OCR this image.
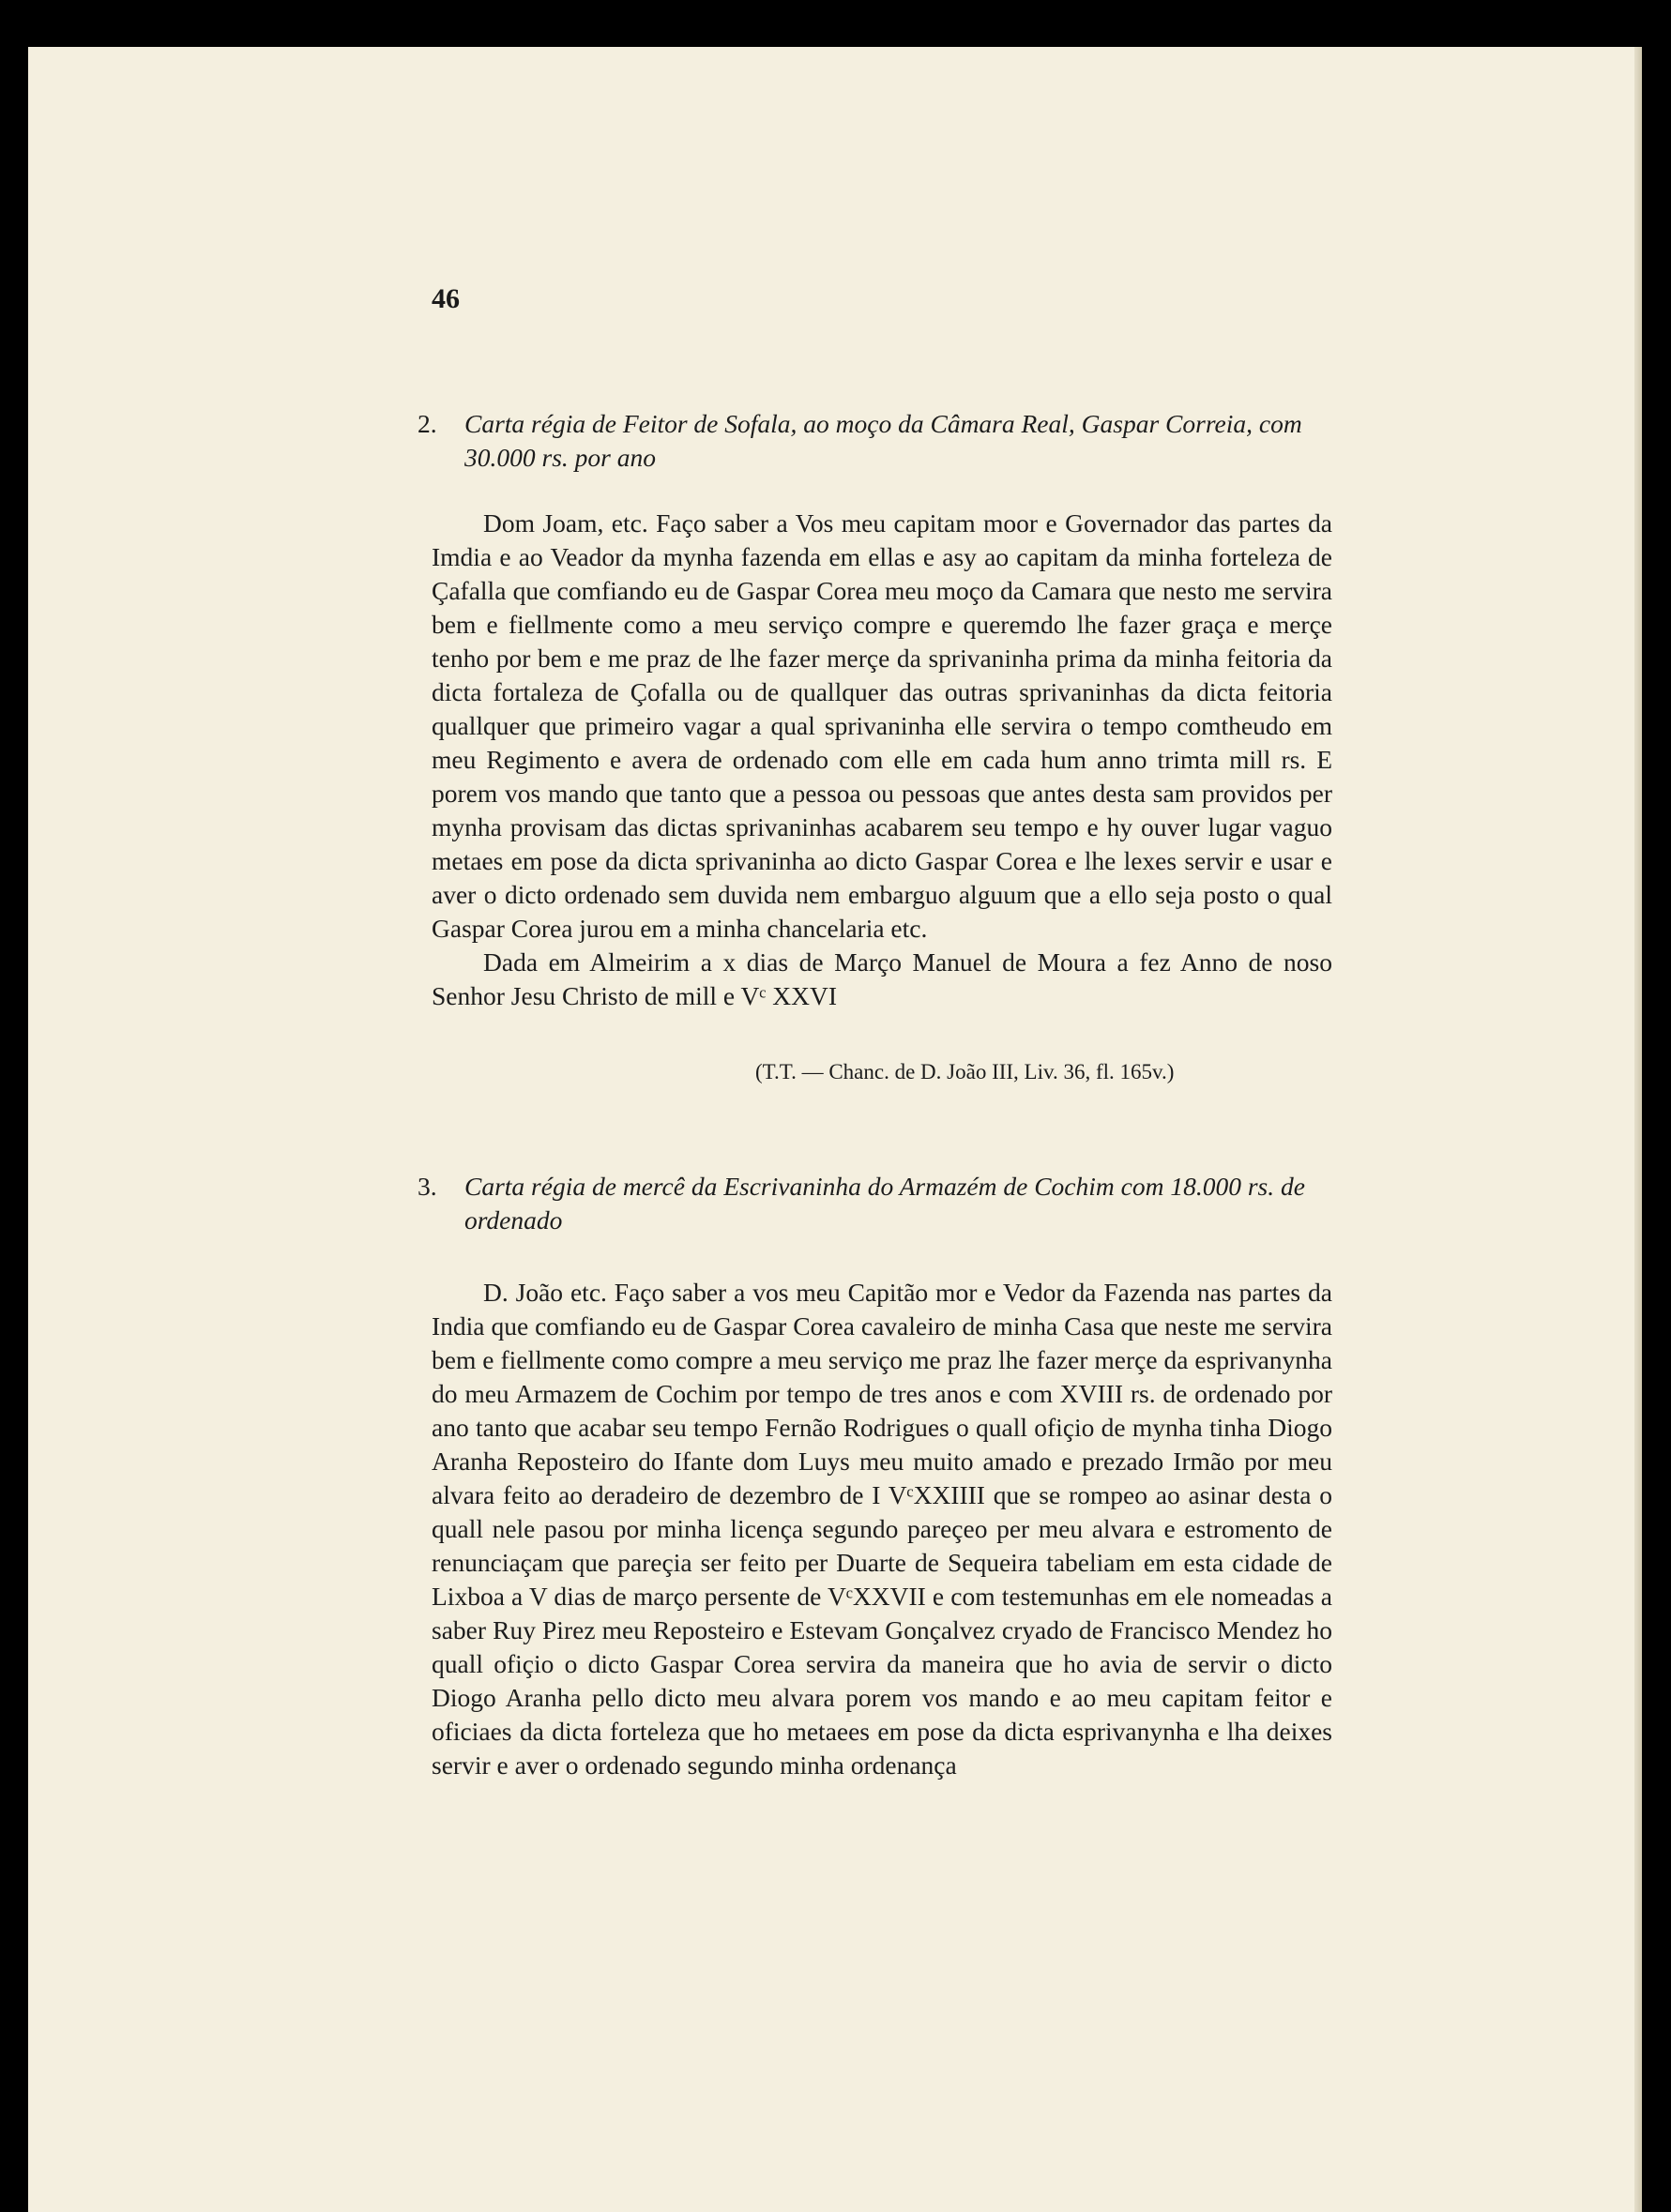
46
2. Carta régia de Feitor de Sofala, ao moço da Câmara Real, Gaspar Correia, com 30.000 rs. por ano

Dom Joam, etc. Faço saber a Vos meu capitam moor e Governador das partes da Imdia e ao Veador da mynha fazenda em ellas e asy ao capitam da minha forteleza de Çafalla que comfiando eu de Gaspar Corea meu moço da Camara que nesto me servira bem e fiellmente como a meu serviço compre e queremdo lhe fazer graça e merçe tenho por bem e me praz de lhe fazer merçe da sprivaninha prima da minha feitoria da dicta fortaleza de Çofalla ou de quallquer das outras sprivaninhas da dicta feitoria quallquer que primeiro vagar a qual sprivaninha elle servira o tempo comtheudo em meu Regimento e avera de ordenado com elle em cada hum anno trimta mill rs. E porem vos mando que tanto que a pessoa ou pessoas que antes desta sam providos per mynha provisam das dictas sprivaninhas acabarem seu tempo e hy ouver lugar vaguo metaes em pose da dicta sprivaninha ao dicto Gaspar Corea e lhe lexes servir e usar e aver o dicto ordenado sem duvida nem embarguo alguum que a ello seja posto o qual Gaspar Corea jurou em a minha chancelaria etc.

Dada em Almeirim a x dias de Março Manuel de Moura a fez Anno de noso Senhor Jesu Christo de mill e Vᶜ XXVI

(T.T. — Chanc. de D. João III, Liv. 36, fl. 165v.)
3. Carta régia de mercê da Escrivaninha do Armazém de Cochim com 18.000 rs. de ordenado

D. João etc. Faço saber a vos meu Capitão mor e Vedor da Fazenda nas partes da India que comfiando eu de Gaspar Corea cavaleiro de minha Casa que neste me servira bem e fiellmente como compre a meu serviço me praz lhe fazer merçe da esprivanynha do meu Armazem de Cochim por tempo de tres anos e com XVIII rs. de ordenado por ano tanto que acabar seu tempo Fernão Rodrigues o quall ofiçio de mynha tinha Diogo Aranha Reposteiro do Ifante dom Luys meu muito amado e prezado Irmão por meu alvara feito ao deradeiro de dezembro de I VᶜXXIIII que se rompeo ao asinar desta o quall nele pasou por minha licença segundo pareçeo per meu alvara e estromento de renunciaçam que pareçia ser feito per Duarte de Sequeira tabeliam em esta cidade de Lixboa a V dias de março persente de VᶜXXVII e com testemunhas em ele nomeadas a saber Ruy Pirez meu Reposteiro e Estevam Gonçalvez cryado de Francisco Mendez ho quall ofiçio o dicto Gaspar Corea servira da maneira que ho avia de servir o dicto Diogo Aranha pello dicto meu alvara porem vos mando e ao meu capitam feitor e oficiaes da dicta forteleza que ho metaees em pose da dicta esprivanynha e lha deixes servir e aver o ordenado segundo minha ordenança
